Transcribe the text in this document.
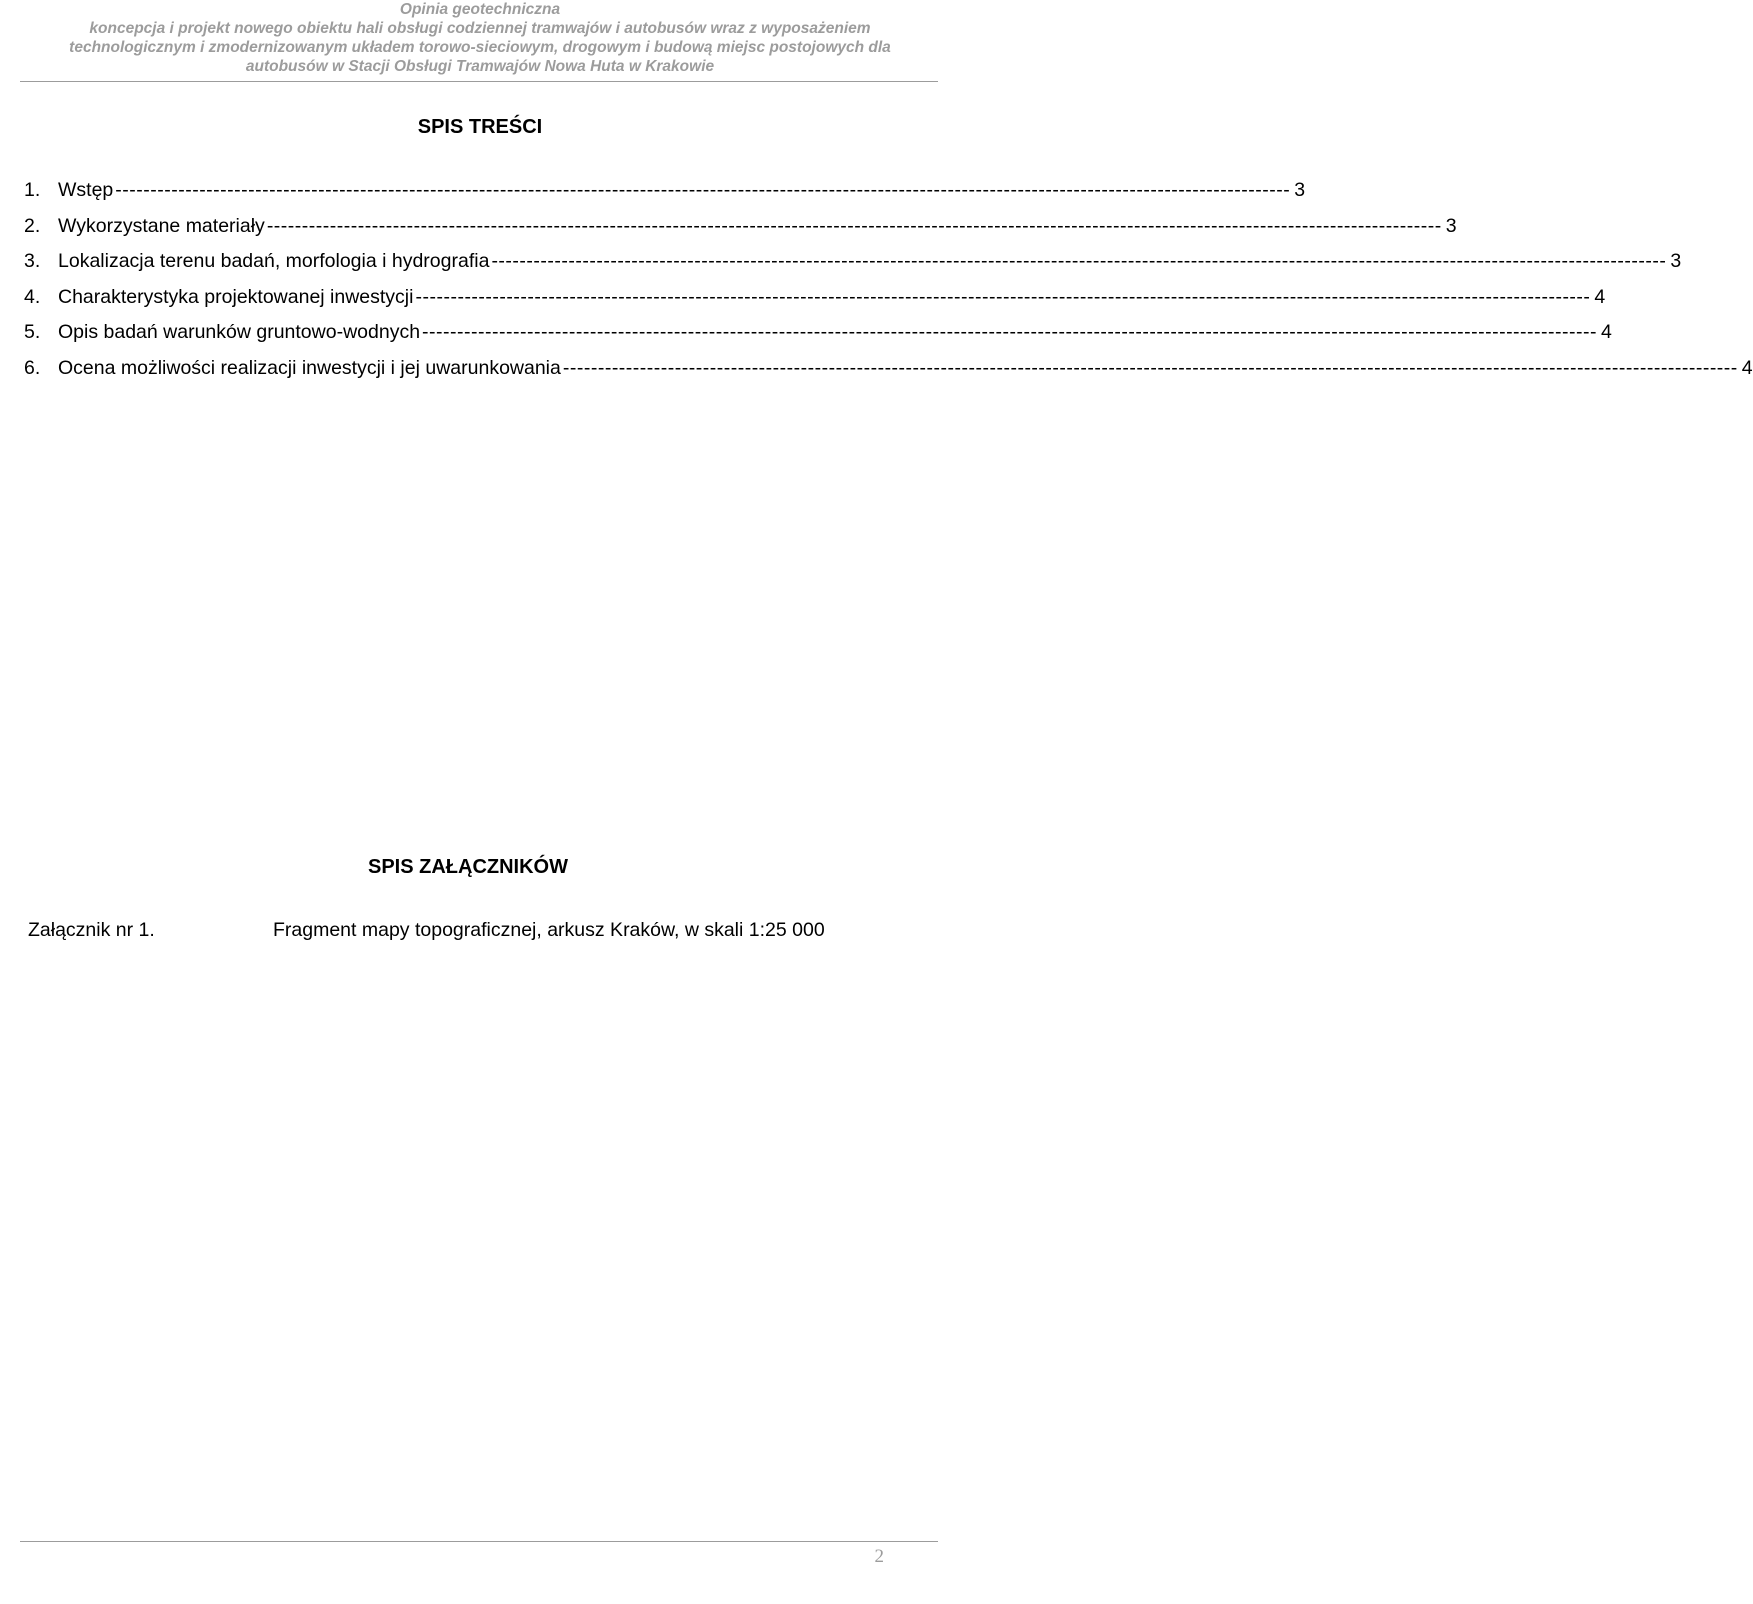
Opinia geotechniczna
koncepcja i projekt nowego obiektu hali obsługi codziennej tramwajów i autobusów wraz z wyposażeniem
technologicznym i zmodernizowanym układem torowo-sieciowym, drogowym i budową miejsc postojowych dla
autobusów w Stacji Obsługi Tramwajów Nowa Huta w Krakowie
SPIS TREŚCI
1. Wstęp ------------------------------------------------------------------------------------------------------------------------------------------------------------------------ 3
2. Wykorzystane materiały ------------------------------------------------------------------------------------------------------------------------------------------------------------------------ 3
3. Lokalizacja terenu badań, morfologia i hydrografia ------------------------------------------------------------------------------------------------------------------------------------------------------------------------ 3
4. Charakterystyka projektowanej inwestycji ------------------------------------------------------------------------------------------------------------------------------------------------------------------------ 4
5. Opis badań warunków gruntowo-wodnych ------------------------------------------------------------------------------------------------------------------------------------------------------------------------ 4
6. Ocena możliwości realizacji inwestycji i jej uwarunkowania ------------------------------------------------------------------------------------------------------------------------------------------------------------------------ 4
SPIS ZAŁĄCZNIKÓW
Załącznik nr 1.	Fragment mapy topograficznej, arkusz Kraków, w skali 1:25 000
2
